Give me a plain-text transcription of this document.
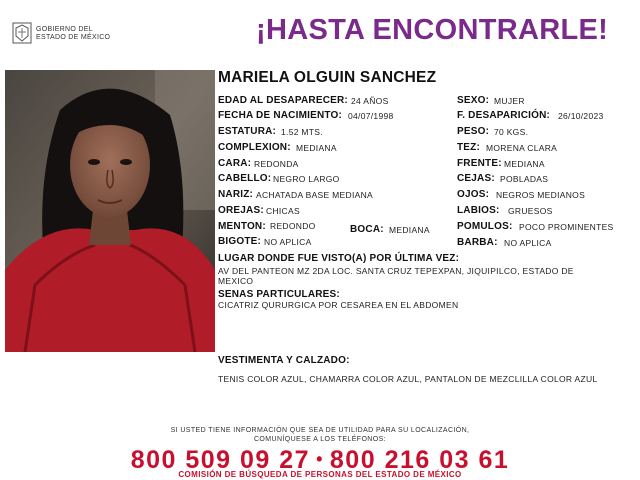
GOBIERNO DEL
ESTADO DE MÉXICO	¡HASTA ENCONTRARLE!
MARIELA OLGUIN SANCHEZ
EDAD AL DESAPARECER: 24 AÑOS
FECHA DE NACIMIENTO: 04/07/1998
ESTATURA: 1.52 MTS.
COMPLEXION: MEDIANA
CARA: REDONDA
CABELLO: NEGRO LARGO
NARIZ: ACHATADA BASE MEDIANA
OREJAS: CHICAS
MENTON: REDONDO	BOCA: MEDIANA
BIGOTE: NO APLICA
SEXO: MUJER
F. DESAPARICIÓN: 26/10/2023
PESO: 70 KGS.
TEZ: MORENA CLARA
FRENTE: MEDIANA
CEJAS: POBLADAS
OJOS: NEGROS MEDIANOS
LABIOS: GRUESOS
POMULOS: POCO PROMINENTES
BARBA: NO APLICA
LUGAR DONDE FUE VISTO(A) POR ÚLTIMA VEZ:
AV DEL PANTEON MZ 2DA LOC. SANTA CRUZ TEPEXPAN, JIQUIPILCO, ESTADO DE MEXICO
SENAS PARTICULARES:
CICATRIZ QURURGICA POR CESAREA EN EL ABDOMEN
VESTIMENTA Y CALZADO:
TENIS COLOR AZUL, CHAMARRA COLOR AZUL, PANTALON DE MEZCLILLA COLOR AZUL
SI USTED TIENE INFORMACIÓN QUE SEA DE UTILIDAD PARA SU LOCALIZACIÓN,
COMUNÍQUESE A LOS TELÉFONOS:
800 509 09 27 • 800 216 03 61
COMISIÓN DE BÚSQUEDA DE PERSONAS DEL ESTADO DE MÉXICO
